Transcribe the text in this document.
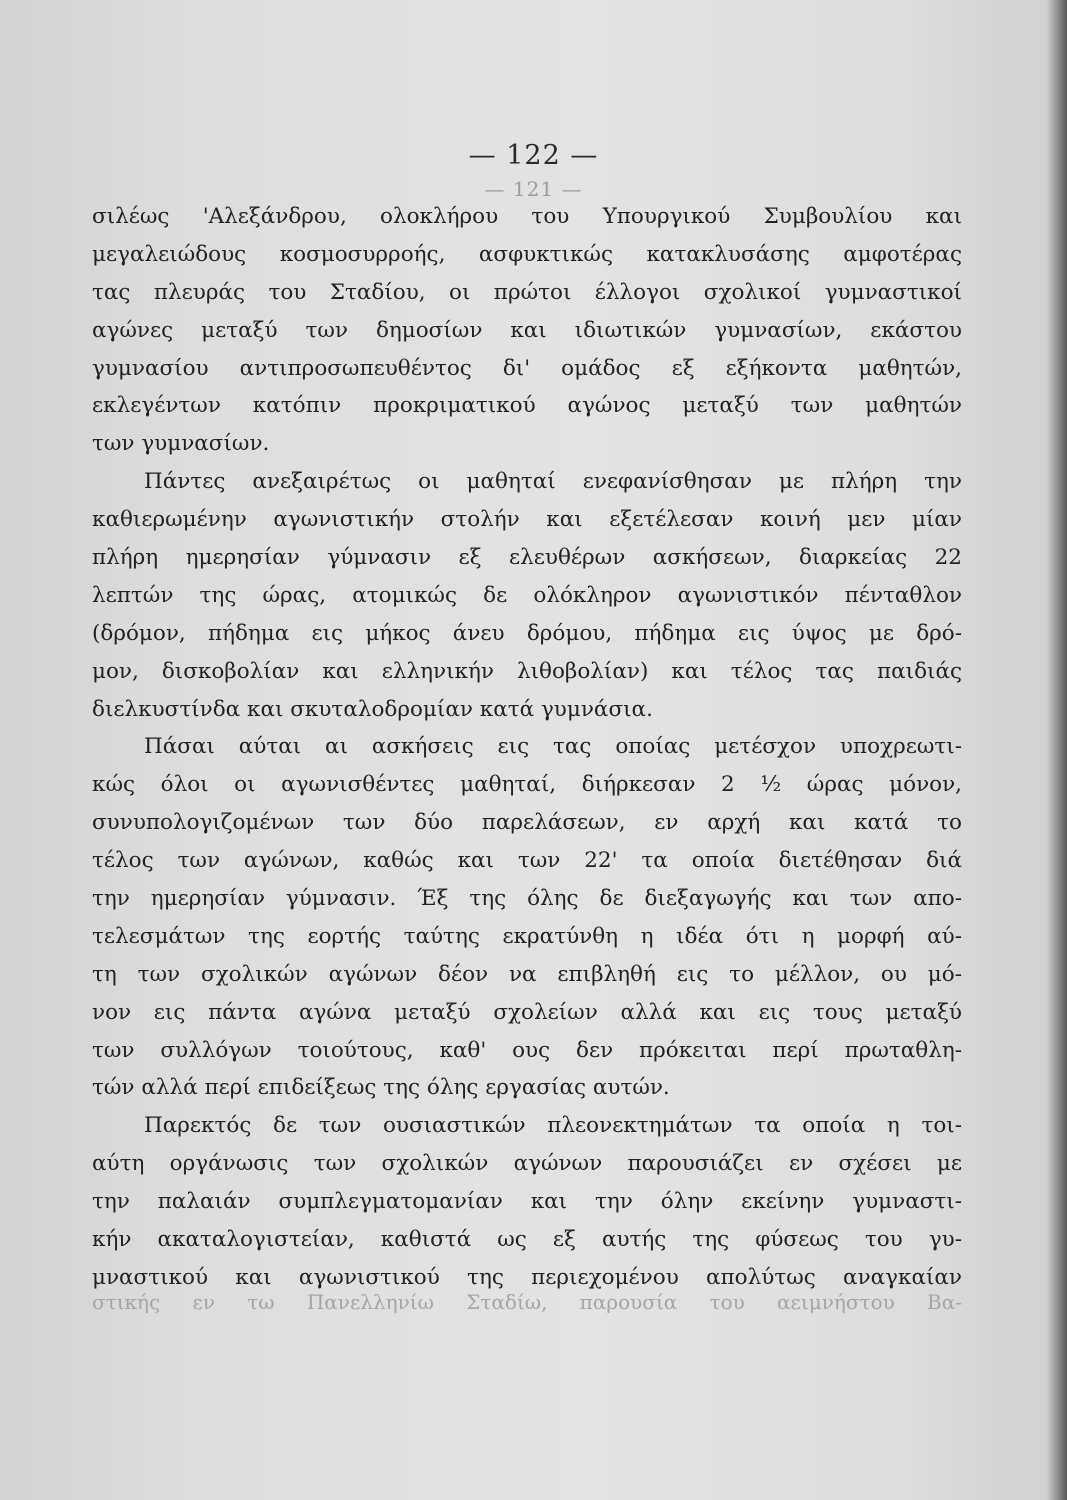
— 122 —
— 121 —
σιλέως 'Αλεξάνδρου, ολοκλήρου του Υπουργικού Συμβουλίου και
μεγαλειώδους κοσμοσυρροής, ασφυκτικώς κατακλυσάσης αμφοτέρας
τας πλευράς του Σταδίου, οι πρώτοι έλλογοι σχολικοί γυμναστικοί
αγώνες μεταξύ των δημοσίων και ιδιωτικών γυμνασίων, εκάστου
γυμνασίου αντιπροσωπευθέντος δι' ομάδος εξ εξήκοντα μαθητών,
εκλεγέντων κατόπιν προκριματικού αγώνος μεταξύ των μαθητών
των γυμνασίων.
Πάντες ανεξαιρέτως οι μαθηταί ενεφανίσθησαν με πλήρη την
καθιερωμένην αγωνιστικήν στολήν και εξετέλεσαν κοινή μεν μίαν
πλήρη ημερησίαν γύμνασιν εξ ελευθέρων ασκήσεων, διαρκείας 22
λεπτών της ώρας, ατομικώς δε ολόκληρον αγωνιστικόν πένταθλον
(δρόμον, πήδημα εις μήκος άνευ δρόμου, πήδημα εις ύψος με δρό-
μον, δισκοβολίαν και ελληνικήν λιθοβολίαν) και τέλος τας παιδιάς
διελκυστίνδα και σκυταλοδρομίαν κατά γυμνάσια.
Πάσαι αύται αι ασκήσεις εις τας οποίας μετέσχον υποχρεωτι-
κώς όλοι οι αγωνισθέντες μαθηταί, διήρκεσαν 2 ½ ώρας μόνον,
συνυπολογιζομένων των δύο παρελάσεων, εν αρχή και κατά το
τέλος των αγώνων, καθώς και των 22' τα οποία διετέθησαν διά
την ημερησίαν γύμνασιν. Έξ της όλης δε διεξαγωγής και των απο-
τελεσμάτων της εορτής ταύτης εκρατύνθη η ιδέα ότι η μορφή αύ-
τη των σχολικών αγώνων δέον να επιβληθή εις το μέλλον, ου μό-
νον εις πάντα αγώνα μεταξύ σχολείων αλλά και εις τους μεταξύ
των συλλόγων τοιούτους, καθ' ους δεν πρόκειται περί πρωταθλη-
τών αλλά περί επιδείξεως της όλης εργασίας αυτών.
Παρεκτός δε των ουσιαστικών πλεονεκτημάτων τα οποία η τοι-
αύτη οργάνωσις των σχολικών αγώνων παρουσιάζει εν σχέσει με
την παλαιάν συμπλεγματομανίαν και την όλην εκείνην γυμναστι-
κήν ακαταλογιστείαν, καθιστά ως εξ αυτής της φύσεως του γυ-
μναστικού και αγωνιστικού της περιεχομένου απολύτως αναγκαίαν
στικής εν τω Πανελληνίω Σταδίω, παρουσία του αειμνήστου Βα-
